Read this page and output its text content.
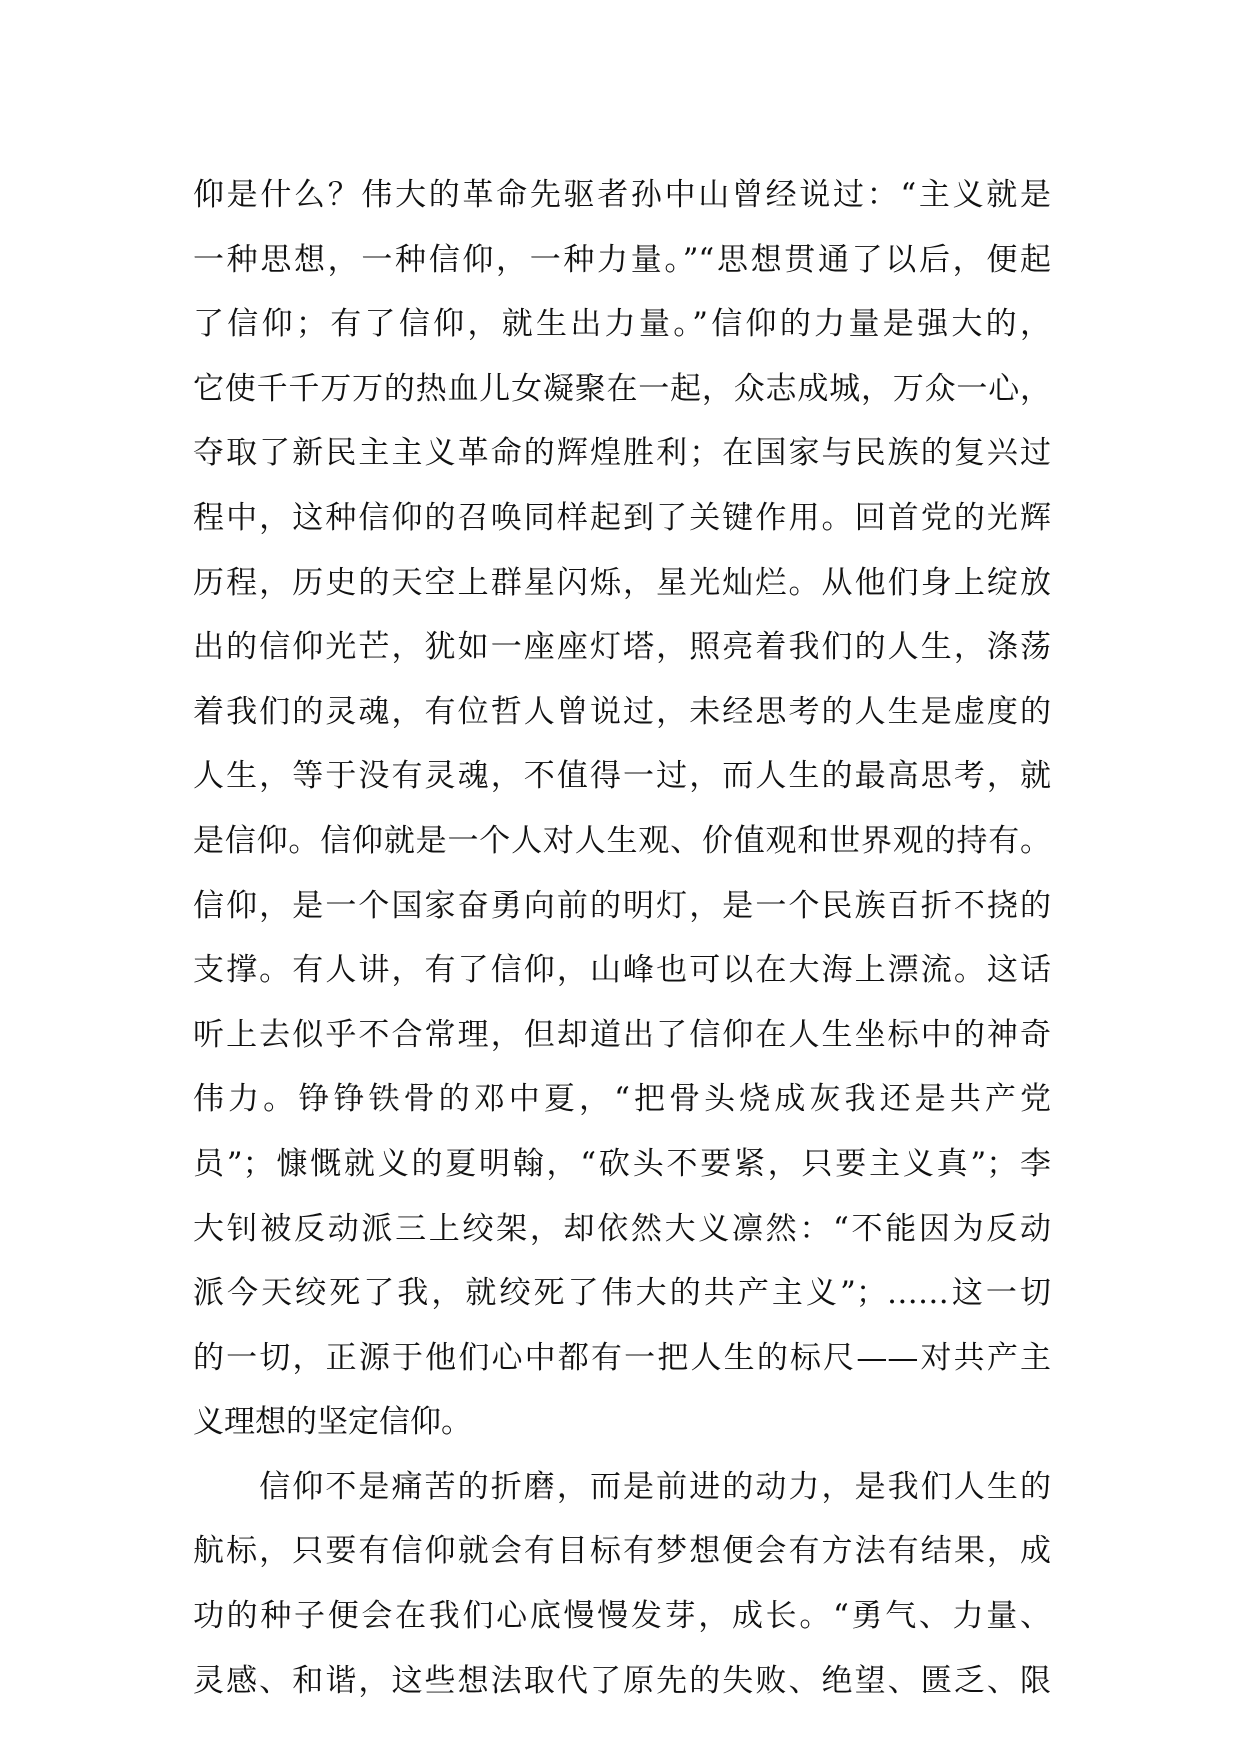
仰是什么？伟大的革命先驱者孙中山曾经说过：“主义就是
一种思想，一种信仰，一种力量。”“思想贯通了以后，便起
了信仰；有了信仰，就生出力量。”信仰的力量是强大的，
它使千千万万的热血儿女凝聚在一起，众志成城，万众一心，
夺取了新民主主义革命的辉煌胜利；在国家与民族的复兴过
程中，这种信仰的召唤同样起到了关键作用。回首党的光辉
历程，历史的天空上群星闪烁，星光灿烂。从他们身上绽放
出的信仰光芒，犹如一座座灯塔，照亮着我们的人生，涤荡
着我们的灵魂，有位哲人曾说过，未经思考的人生是虚度的
人生，等于没有灵魂，不值得一过，而人生的最高思考，就
是信仰。信仰就是一个人对人生观、价值观和世界观的持有。
信仰，是一个国家奋勇向前的明灯，是一个民族百折不挠的
支撑。有人讲，有了信仰，山峰也可以在大海上漂流。这话
听上去似乎不合常理，但却道出了信仰在人生坐标中的神奇
伟力。铮铮铁骨的邓中夏，“把骨头烧成灰我还是共产党
员”；慷慨就义的夏明翰，“砍头不要紧，只要主义真”；李
大钊被反动派三上绞架，却依然大义凛然：“不能因为反动
派今天绞死了我，就绞死了伟大的共产主义”；……这一切
的一切，正源于他们心中都有一把人生的标尺——对共产主
义理想的坚定信仰。
　　信仰不是痛苦的折磨，而是前进的动力，是我们人生的
航标，只要有信仰就会有目标有梦想便会有方法有结果，成
功的种子便会在我们心底慢慢发芽，成长。“勇气、力量、
灵感、和谐，这些想法取代了原先的失败、绝望、匮乏、限
